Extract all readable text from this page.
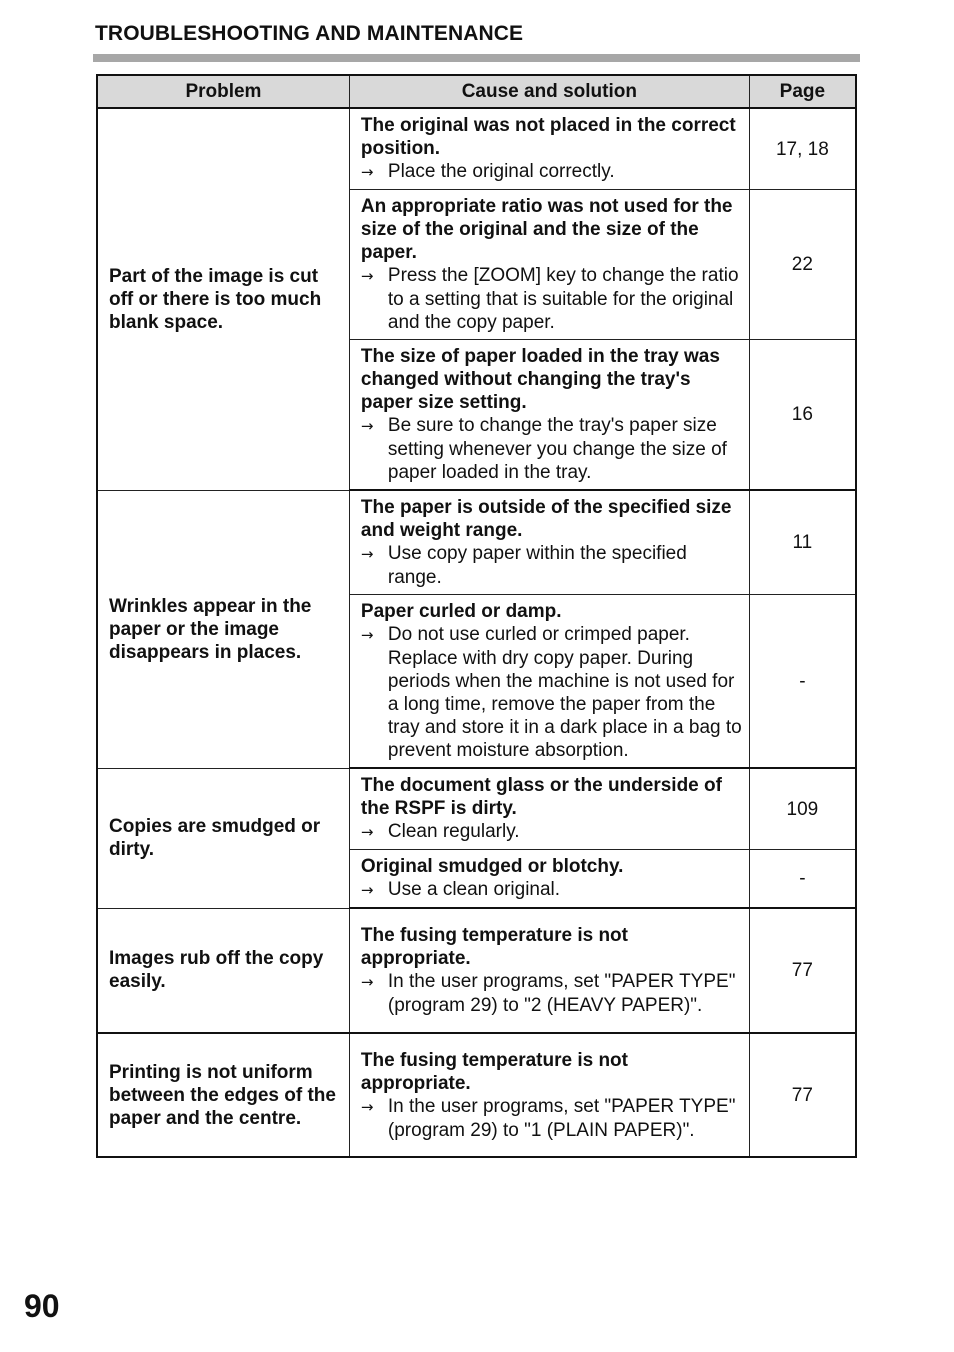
TROUBLESHOOTING AND MAINTENANCE
Problem	Cause and solution	Page
Part of the image is cut off or there is too much blank space.	The original was not placed in the correct position.
→ Place the original correctly.	17, 18

	An appropriate ratio was not used for the size of the original and the size of the paper.
→ Press the [ZOOM] key to change the ratio to a setting that is suitable for the original and the copy paper.	22

	The size of paper loaded in the tray was changed without changing the tray's paper size setting.
→ Be sure to change the tray's paper size setting whenever you change the size of paper loaded in the tray.	16
Wrinkles appear in the paper or the image disappears in places.	The paper is outside of the specified size and weight range.
→ Use copy paper within the specified range.	11

	Paper curled or damp.
→ Do not use curled or crimped paper. Replace with dry copy paper. During periods when the machine is not used for a long time, remove the paper from the tray and store it in a dark place in a bag to prevent moisture absorption.	-
Copies are smudged or dirty.	The document glass or the underside of the RSPF is dirty.
→ Clean regularly.	109

	Original smudged or blotchy.
→ Use a clean original.	-
Images rub off the copy easily.	The fusing temperature is not appropriate.
→ In the user programs, set "PAPER TYPE" (program 29) to "2 (HEAVY PAPER)".	77
Printing is not uniform between the edges of the paper and the centre.	The fusing temperature is not appropriate.
→ In the user programs, set "PAPER TYPE" (program 29) to "1 (PLAIN PAPER)".	77
90
